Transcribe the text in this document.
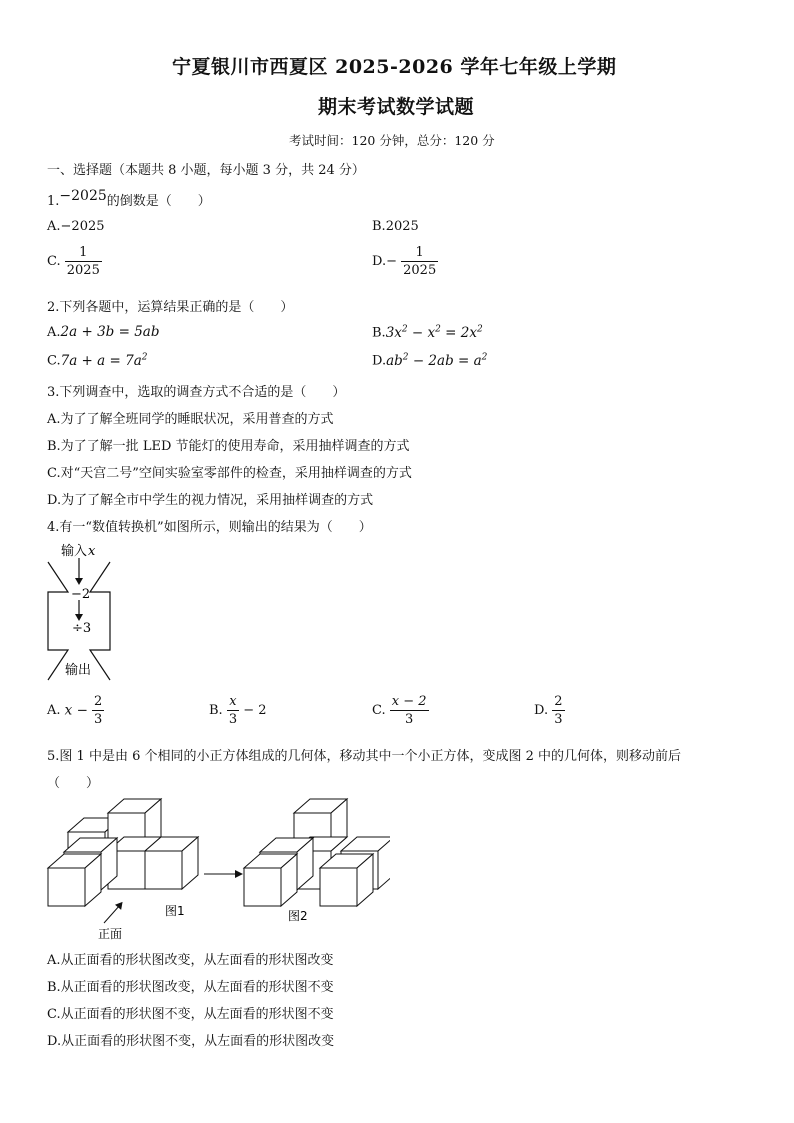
宁夏银川市西夏区 2025-2026 学年七年级上学期
期末考试数学试题
考试时间：120 分钟，总分：120 分
一、选择题（本题共 8 小题，每小题 3 分，共 24 分）
1.−2025的倒数是（　　）
A.−2025	B.2025
C. $\frac{1}{2025}$	$D.- \frac{1}{2025}$
2.下列各题中，运算结果正确的是（　　）
A.2a + 3b = 5ab	$B.3x^2 - x^2 = 2x^2$
$C.7a + a = 7a^2$	$D.ab^2 - 2ab = a^2$
3.下列调查中，选取的调查方式不合适的是（　　）
A.为了了解全班同学的睡眠状况，采用普查的方式
B.为了了解一批 LED 节能灯的使用寿命，采用抽样调查的方式
C.对“天宫二号”空间实验室零部件的检查，采用抽样调查的方式
D.为了了解全市中学生的视力情况，采用抽样调查的方式
4.有一“数值转换机”如图所示，则输出的结果为（　　）
输入 x
−2
÷3
输出
A. $x - \frac{2}{3}$	B. $\frac{x}{3} - 2$	C. $\frac{x - 2}{3}$	D. $\frac{2}{3}$
5.图 1 中是由 6 个相同的小正方体组成的几何体，移动其中一个小正方体，变成图 2 中的几何体，则移动前后
（　　）
正面
图1	图2
A.从正面看的形状图改变，从左面看的形状图改变
B.从正面看的形状图改变，从左面看的形状图不变
C.从正面看的形状图不变，从左面看的形状图不变
D.从正面看的形状图不变，从左面看的形状图改变
